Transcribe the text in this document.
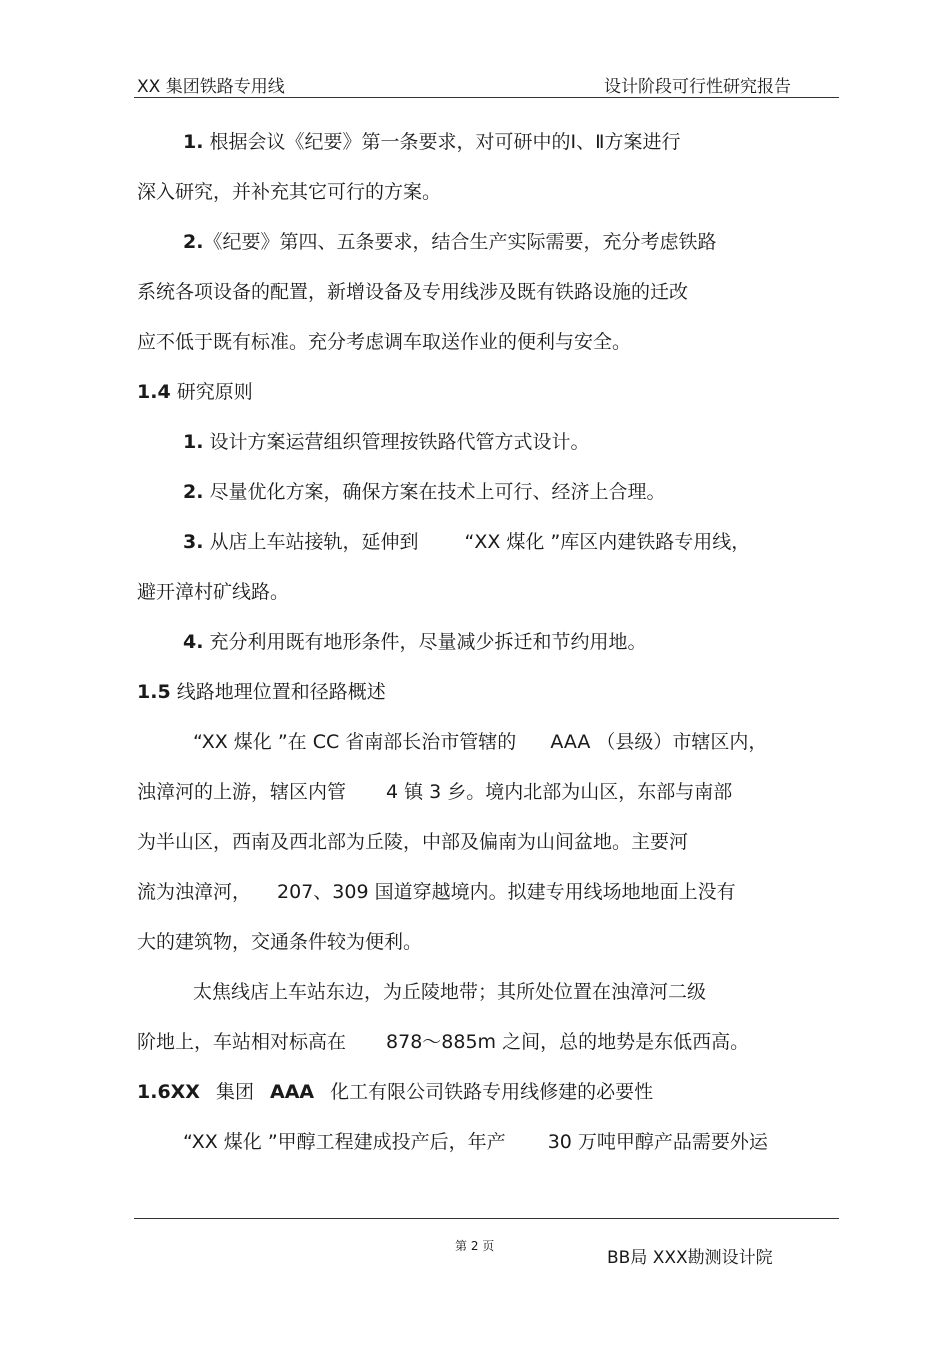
XX 集团铁路专用线	设计阶段可行性研究报告
1. 根据会议《纪要》第一条要求，对可研中的Ⅰ、Ⅱ方案进行
深入研究，并补充其它可行的方案。
2.《纪要》第四、五条要求，结合生产实际需要，充分考虑铁路
系统各项设备的配置，新增设备及专用线涉及既有铁路设施的迁改
应不低于既有标准。充分考虑调车取送作业的便利与安全。
1.4 研究原则
1. 设计方案运营组织管理按铁路代管方式设计。
2. 尽量优化方案，确保方案在技术上可行、经济上合理。
3. 从店上车站接轨，延伸到 “XX 煤化 ”库区内建铁路专用线，
避开漳村矿线路。
4. 充分利用既有地形条件，尽量减少拆迁和节约用地。
1.5 线路地理位置和径路概述
“XX 煤化 ”在 CC 省南部长治市管辖的 AAA （县级）市辖区内，
浊漳河的上游，辖区内管 4 镇 3 乡。境内北部为山区，东部与南部
为半山区，西南及西北部为丘陵，中部及偏南为山间盆地。主要河
流为浊漳河， 207、309 国道穿越境内。拟建专用线场地地面上没有
大的建筑物，交通条件较为便利。
太焦线店上车站东边，为丘陵地带；其所处位置在浊漳河二级
阶地上，车站相对标高在 878～885m 之间，总的地势是东低西高。
1.6XX 集团 AAA 化工有限公司铁路专用线修建的必要性
“XX 煤化 ”甲醇工程建成投产后，年产 30 万吨甲醇产品需要外运
第 2 页
BB局 XXX勘测设计院
